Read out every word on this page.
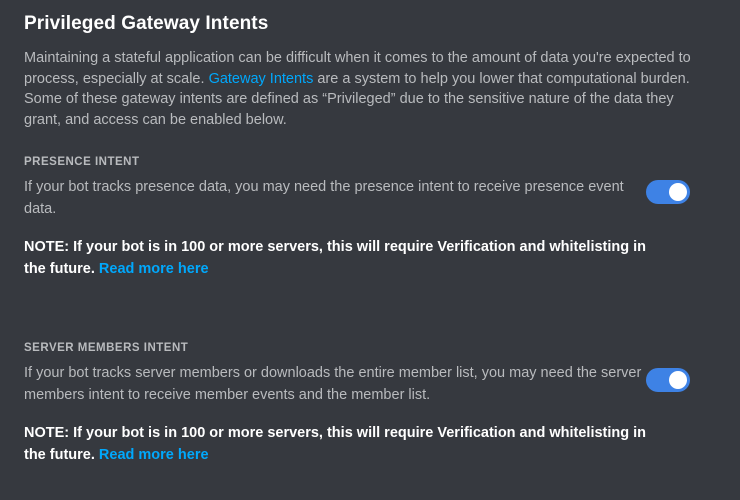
Privileged Gateway Intents

Maintaining a stateful application can be difficult when it comes to the amount of data you're expected to process, especially at scale. Gateway Intents are a system to help you lower that computational burden. Some of these gateway intents are defined as “Privileged” due to the sensitive nature of the data they grant, and access can be enabled below.

PRESENCE INTENT
If your bot tracks presence data, you may need the presence intent to receive presence event data.

NOTE: If your bot is in 100 or more servers, this will require Verification and whitelisting in the future. Read more here

SERVER MEMBERS INTENT
If your bot tracks server members or downloads the entire member list, you may need the server members intent to receive member events and the member list.

NOTE: If your bot is in 100 or more servers, this will require Verification and whitelisting in the future. Read more here
